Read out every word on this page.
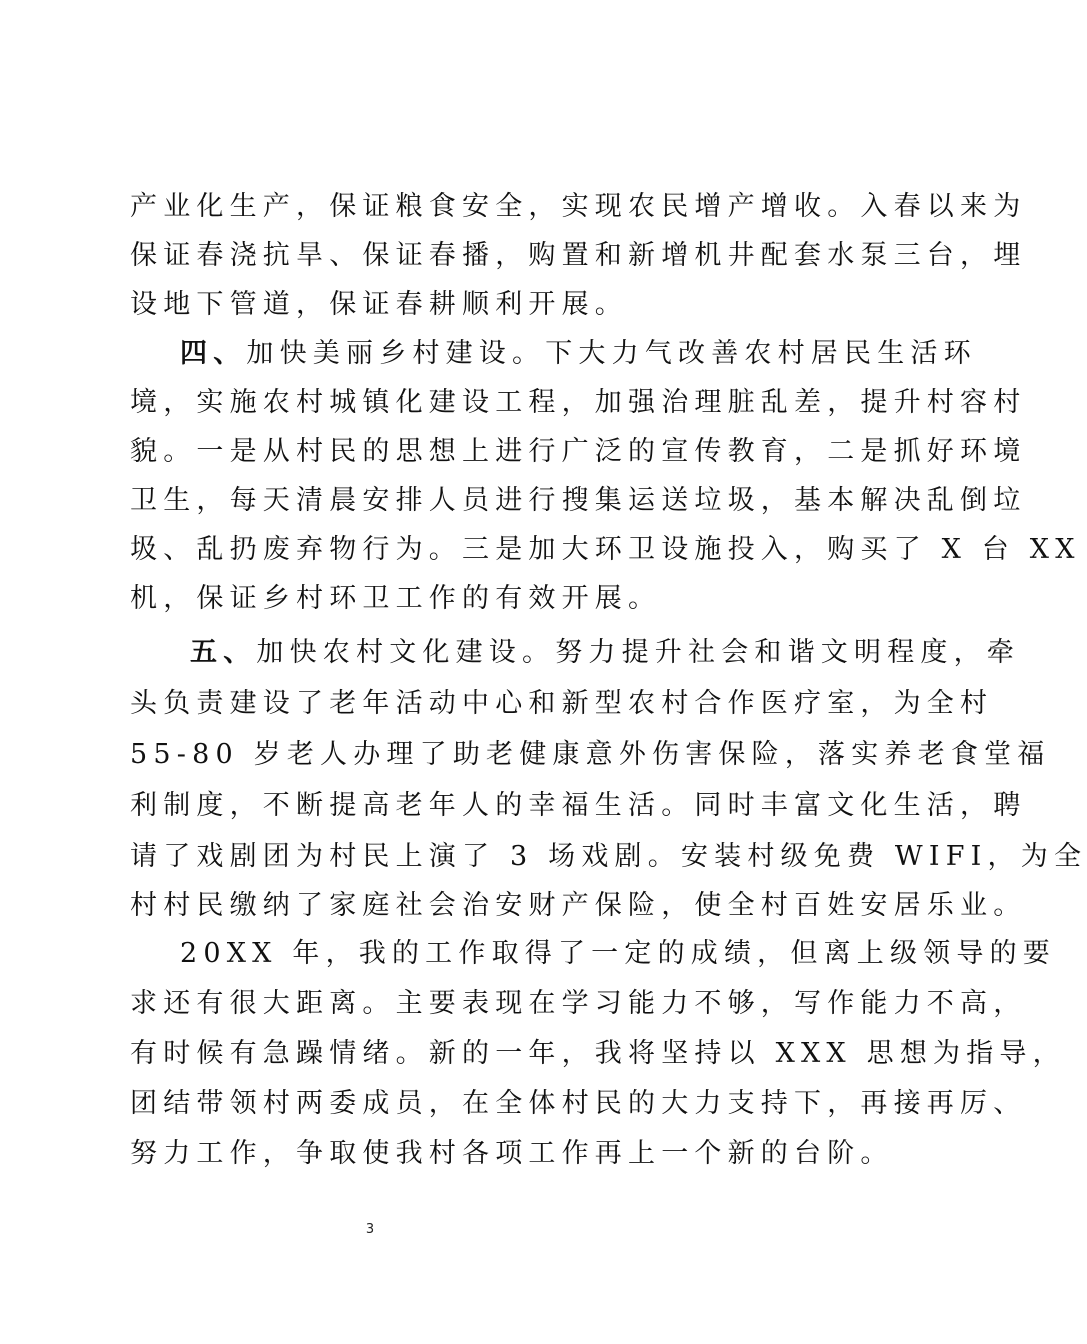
产业化生产，保证粮食安全，实现农民增产增收。入春以来为
保证春浇抗旱、保证春播，购置和新增机井配套水泵三台，埋
设地下管道，保证春耕顺利开展。
四、加快美丽乡村建设。下大力气改善农村居民生活环
境，实施农村城镇化建设工程，加强治理脏乱差，提升村容村
貌。一是从村民的思想上进行广泛的宣传教育，二是抓好环境
卫生，每天清晨安排人员进行搜集运送垃圾，基本解决乱倒垃
圾、乱扔废弃物行为。三是加大环卫设施投入，购买了 X 台 XX
机，保证乡村环卫工作的有效开展。
五、加快农村文化建设。努力提升社会和谐文明程度，牵
头负责建设了老年活动中心和新型农村合作医疗室，为全村
55-80 岁老人办理了助老健康意外伤害保险，落实养老食堂福
利制度，不断提高老年人的幸福生活。同时丰富文化生活，聘
请了戏剧团为村民上演了 3 场戏剧。安装村级免费 WIFI，为全
村村民缴纳了家庭社会治安财产保险，使全村百姓安居乐业。
20XX 年，我的工作取得了一定的成绩，但离上级领导的要
求还有很大距离。主要表现在学习能力不够，写作能力不高，
有时候有急躁情绪。新的一年，我将坚持以 XXX 思想为指导，
团结带领村两委成员，在全体村民的大力支持下，再接再厉、
努力工作，争取使我村各项工作再上一个新的台阶。
3
